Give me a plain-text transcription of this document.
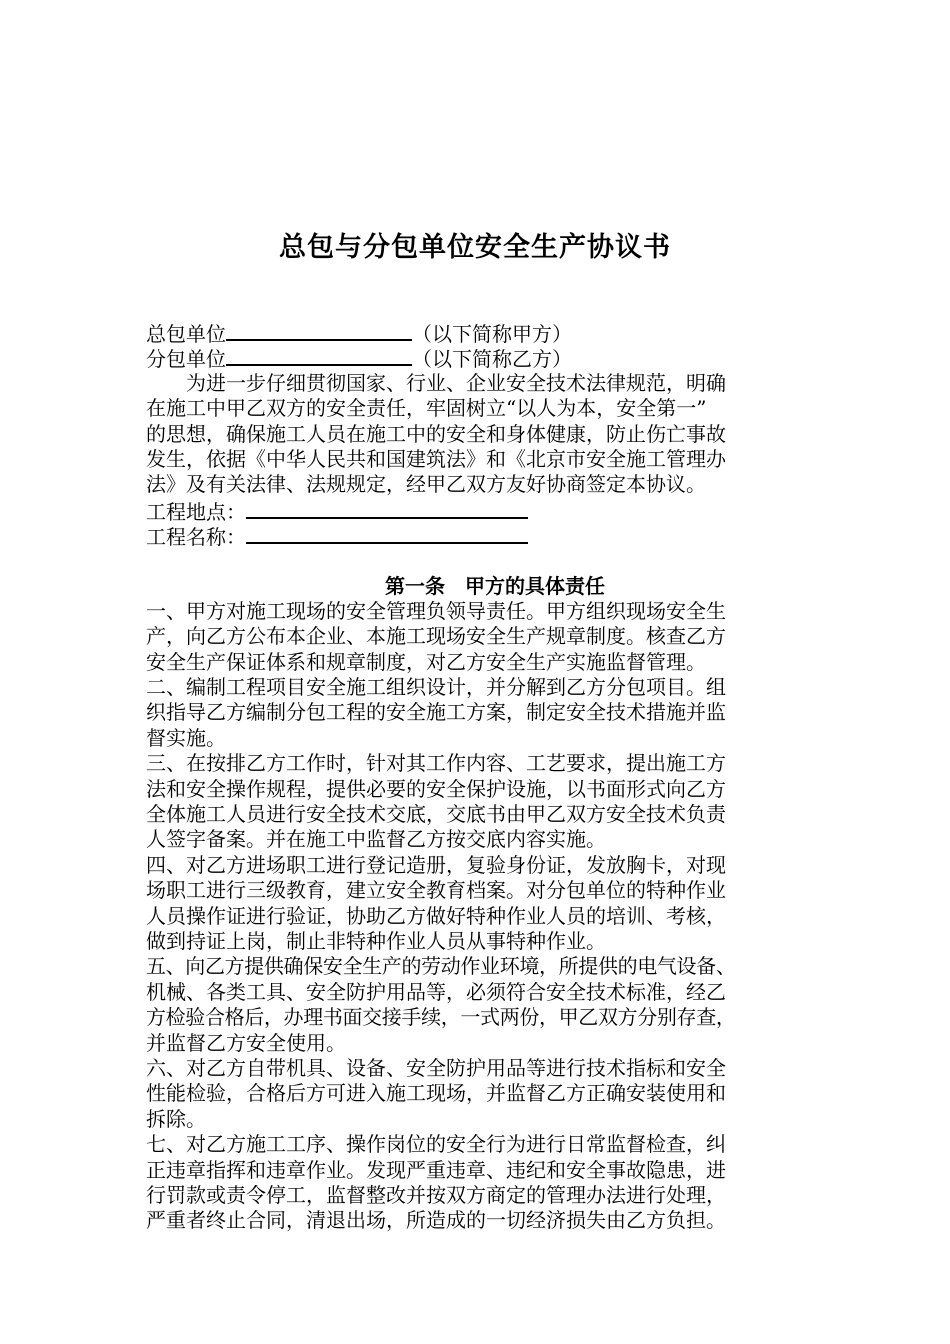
总包与分包单位安全生产协议书
总包单位	（以下简称甲方）
分包单位	（以下简称乙方）
为进一步仔细贯彻国家、行业、企业安全技术法律规范，明确
在施工中甲乙双方的安全责任，牢固树立“以人为本，安全第一”
的思想，确保施工人员在施工中的安全和身体健康，防止伤亡事故
发生，依据《中华人民共和国建筑法》和《北京市安全施工管理办
法》及有关法律、法规规定，经甲乙双方友好协商签定本协议。
工程地点：
工程名称：
第一条　甲方的具体责任
一、甲方对施工现场的安全管理负领导责任。甲方组织现场安全生
产，向乙方公布本企业、本施工现场安全生产规章制度。核查乙方
安全生产保证体系和规章制度，对乙方安全生产实施监督管理。
二、编制工程项目安全施工组织设计，并分解到乙方分包项目。组
织指导乙方编制分包工程的安全施工方案，制定安全技术措施并监
督实施。
三、在按排乙方工作时，针对其工作内容、工艺要求，提出施工方
法和安全操作规程，提供必要的安全保护设施，以书面形式向乙方
全体施工人员进行安全技术交底，交底书由甲乙双方安全技术负责
人签字备案。并在施工中监督乙方按交底内容实施。
四、对乙方进场职工进行登记造册，复验身份证，发放胸卡，对现
场职工进行三级教育，建立安全教育档案。对分包单位的特种作业
人员操作证进行验证，协助乙方做好特种作业人员的培训、考核，
做到持证上岗，制止非特种作业人员从事特种作业。
五、向乙方提供确保安全生产的劳动作业环境，所提供的电气设备、
机械、各类工具、安全防护用品等，必须符合安全技术标准，经乙
方检验合格后，办理书面交接手续，一式两份，甲乙双方分别存查，
并监督乙方安全使用。
六、对乙方自带机具、设备、安全防护用品等进行技术指标和安全
性能检验，合格后方可进入施工现场，并监督乙方正确安装使用和
拆除。
七、对乙方施工工序、操作岗位的安全行为进行日常监督检查，纠
正违章指挥和违章作业。发现严重违章、违纪和安全事故隐患，进
行罚款或责令停工，监督整改并按双方商定的管理办法进行处理，
严重者终止合同，清退出场，所造成的一切经济损失由乙方负担。
